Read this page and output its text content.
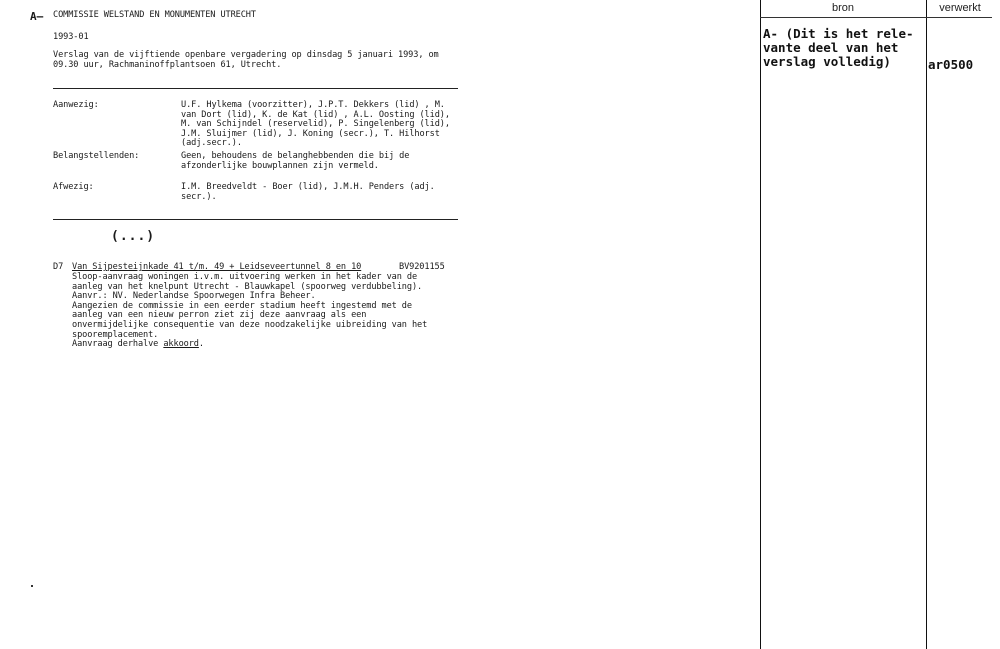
A— COMMISSIE WELSTAND EN MONUMENTEN UTRECHT
1993-01
Verslag van de vijftiende openbare vergadering op dinsdag 5 januari 1993, om
09.30 uur, Rachmaninoffplantsoen 61, Utrecht.
Aanwezig:	U.F. Hylkema (voorzitter), J.P.T. Dekkers (lid) , M.
van Dort (lid), K. de Kat (lid) , A.L. Oosting (lid),
M. van Schijndel (reservelid), P. Singelenberg (lid),
J.M. Sluijmer (lid), J. Koning (secr.), T. Hilhorst
(adj.secr.).
Belangstellenden:	Geen, behoudens de belanghebbenden die bij de
afzonderlijke bouwplannen zijn vermeld.
Afwezig:	I.M. Breedveldt - Boer (lid), J.M.H. Penders (adj.
secr.).
(...)
D7 Van Sijpesteijnkade 41 t/m. 49 + Leidseveertunnel 8 en 10	BV9201155
Sloop-aanvraag woningen i.v.m. uitvoering werken in het kader van de
aanleg van het knelpunt Utrecht - Blauwkapel (spoorweg verdubbeling).
Aanvr.: NV. Nederlandse Spoorwegen Infra Beheer.
Aangezien de commissie in een eerder stadium heeft ingestemd met de
aanleg van een nieuw perron ziet zij deze aanvraag als een
onvermijdelijke consequentie van deze noodzakelijke uibreiding van het
spooremplacement.
Aanvraag derhalve akkoord.
bron	verwerkt
A- (Dit is het rele-
vante deel van het
verslag volledig)	ar0500
